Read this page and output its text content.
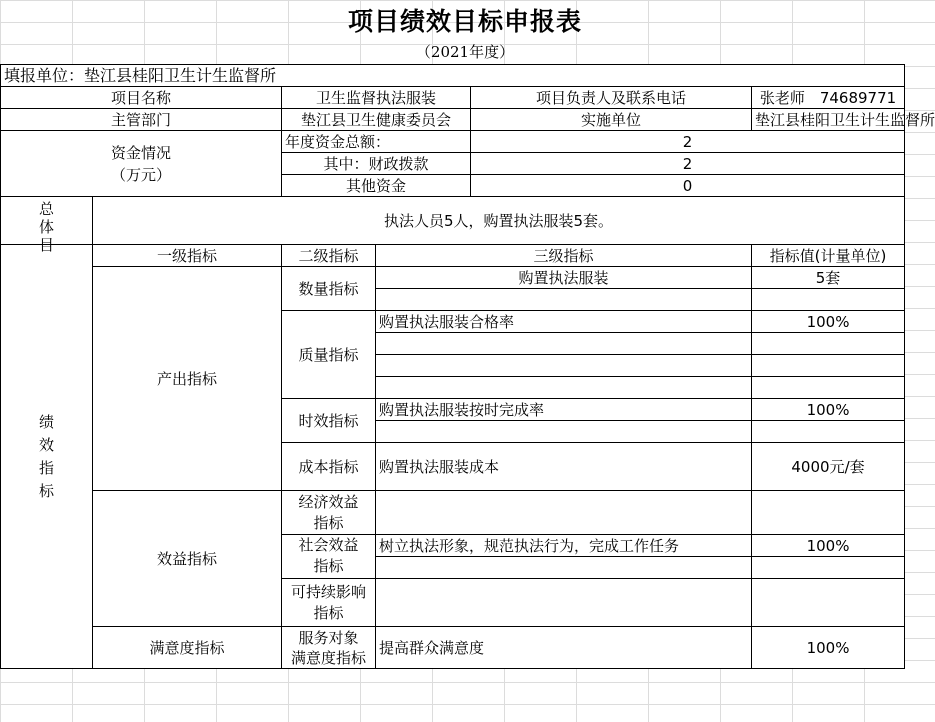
项目绩效目标申报表
（2021年度）
填报单位：垫江县桂阳卫生计生监督所					
项目名称		卫生监督执法服装		项目负责人及联系电话	张老师　74689771
主管部门		垫江县卫生健康委员会		实施单位	垫江县桂阳卫生计生监督所
资金情况
（万元）		年度资金总额：		2	
		其中：财政拨款		2	
		其他资金		0	

总
体
目	执法人员5人，购置执法服装5套。				
绩
效
指
标	一级指标	二级指标	三级指标		指标值(计量单位)
	产出指标	数量指标	购置执法服装		5套

		质量指标	购置执法服装合格率		100%

		时效指标	购置执法服装按时完成率		100%

		成本指标	购置执法服装成本		4000元/套

	效益指标	经济效益
指标			

		社会效益
指标	树立执法形象，规范执法行为，完成工作任务		100%

		可持续影响
指标			
	满意度指标	服务对象
满意度指标	提高群众满意度		100%
